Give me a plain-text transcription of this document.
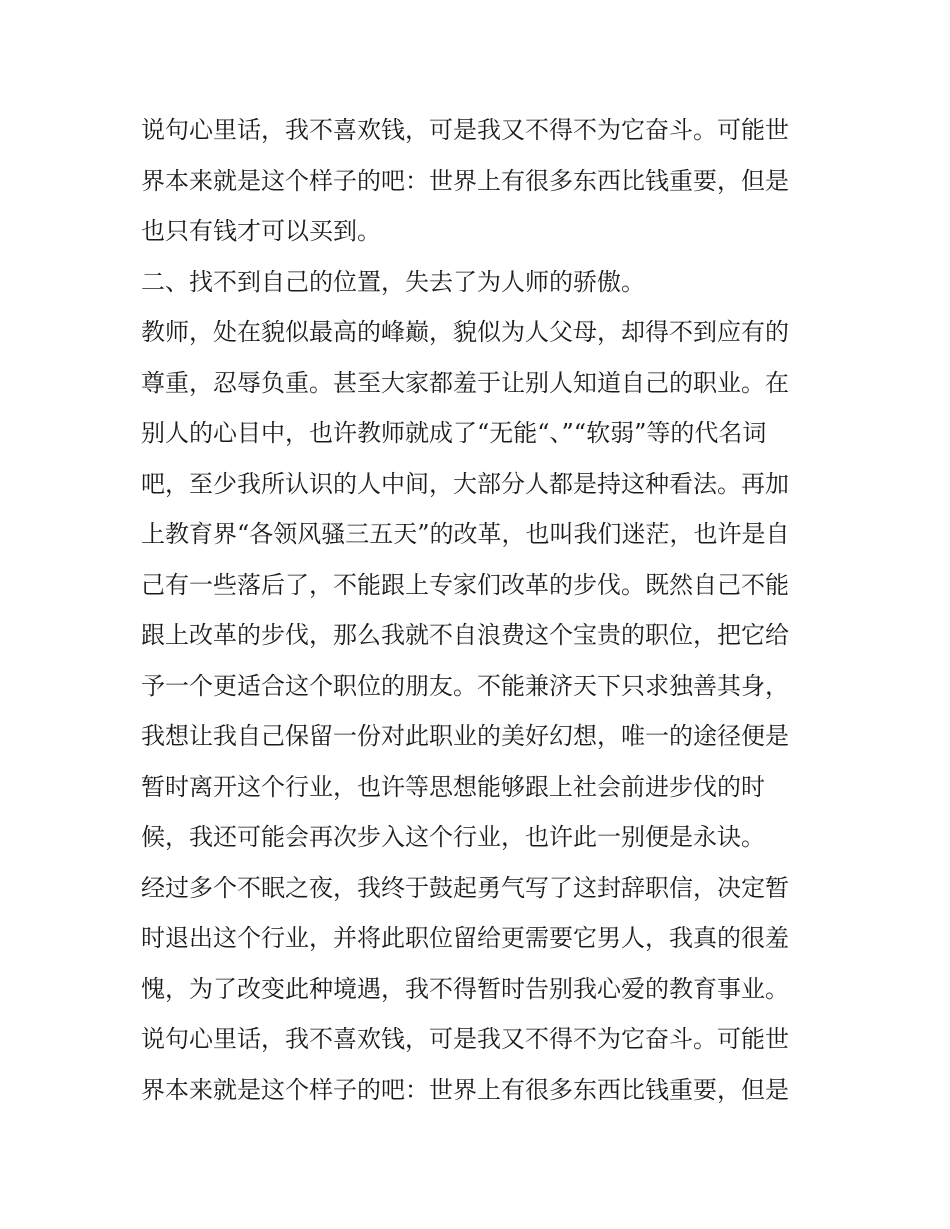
说句心里话，我不喜欢钱，可是我又不得不为它奋斗。可能世
界本来就是这个样子的吧：世界上有很多东西比钱重要，但是
也只有钱才可以买到。
二、找不到自己的位置，失去了为人师的骄傲。
教师，处在貌似最高的峰巅，貌似为人父母，却得不到应有的
尊重，忍辱负重。甚至大家都羞于让别人知道自己的职业。在
别人的心目中，也许教师就成了“无能“、”“软弱”等的代名词
吧，至少我所认识的人中间，大部分人都是持这种看法。再加
上教育界“各领风骚三五天”的改革，也叫我们迷茫，也许是自
己有一些落后了，不能跟上专家们改革的步伐。既然自己不能
跟上改革的步伐，那么我就不自浪费这个宝贵的职位，把它给
予一个更适合这个职位的朋友。不能兼济天下只求独善其身，
我想让我自己保留一份对此职业的美好幻想，唯一的途径便是
暂时离开这个行业，也许等思想能够跟上社会前进步伐的时
候，我还可能会再次步入这个行业，也许此一别便是永诀。
经过多个不眠之夜，我终于鼓起勇气写了这封辞职信，决定暂
时退出这个行业，并将此职位留给更需要它男人，我真的很羞
愧，为了改变此种境遇，我不得暂时告别我心爱的教育事业。
说句心里话，我不喜欢钱，可是我又不得不为它奋斗。可能世
界本来就是这个样子的吧：世界上有很多东西比钱重要，但是
